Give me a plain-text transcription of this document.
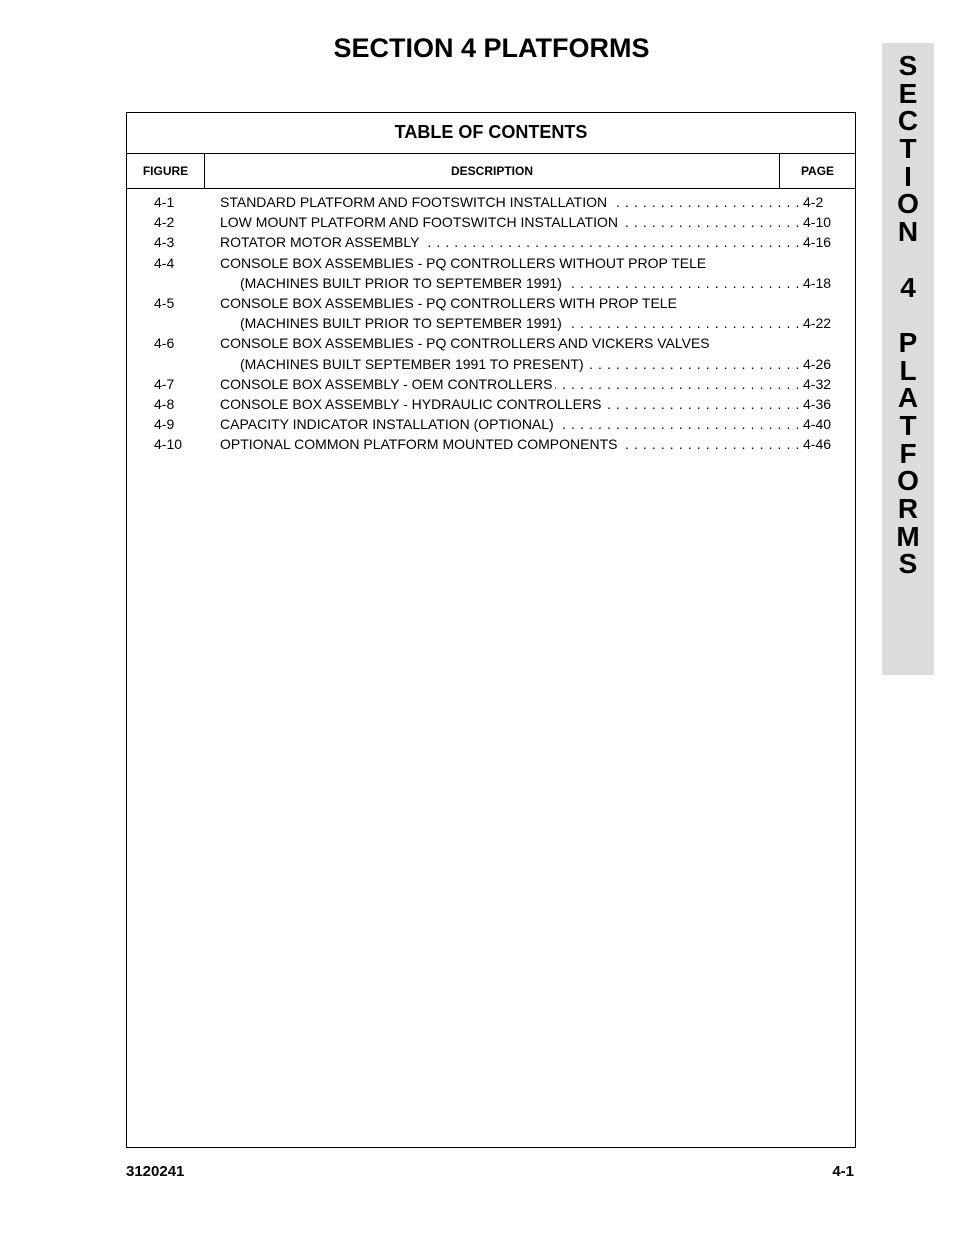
SECTION 4 PLATFORMS
S
E
C
T
I
O
N
4
P
L
A
T
F
O
R
M
S
TABLE OF CONTENTS
FIGURE	DESCRIPTION	PAGE
4-1	STANDARD PLATFORM AND FOOTSWITCH INSTALLATION . . .	4-2
4-2	LOW MOUNT PLATFORM AND FOOTSWITCH INSTALLATION . . .	4-10
4-3	ROTATOR MOTOR ASSEMBLY . . .	4-16
4-4	CONSOLE BOX ASSEMBLIES - PQ CONTROLLERS WITHOUT PROP TELE
(MACHINES BUILT PRIOR TO SEPTEMBER 1991) . . .	4-18
4-5	CONSOLE BOX ASSEMBLIES - PQ CONTROLLERS WITH PROP TELE
(MACHINES BUILT PRIOR TO SEPTEMBER 1991) . . .	4-22
4-6	CONSOLE BOX ASSEMBLIES - PQ CONTROLLERS AND VICKERS VALVES
(MACHINES BUILT SEPTEMBER 1991 TO PRESENT) . . .	4-26
4-7	CONSOLE BOX ASSEMBLY - OEM CONTROLLERS . . .	4-32
4-8	CONSOLE BOX ASSEMBLY - HYDRAULIC CONTROLLERS . . .	4-36
4-9	CAPACITY INDICATOR INSTALLATION (OPTIONAL) . . .	4-40
4-10	OPTIONAL COMMON PLATFORM MOUNTED COMPONENTS . . .	4-46
3120241	4-1
